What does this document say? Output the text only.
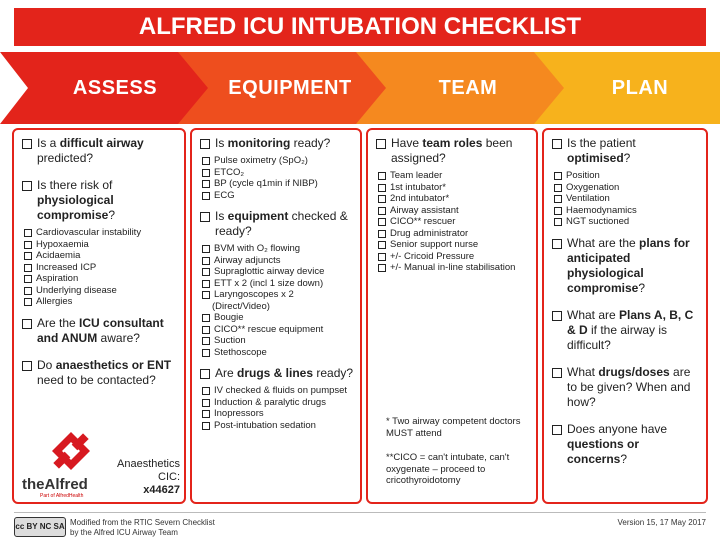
ALFRED ICU INTUBATION CHECKLIST
ASSESS	EQUIPMENT	TEAM	PLAN
Is a difficult airway predicted?
Is there risk of physiological compromise?
Cardiovascular instability
Hypoxaemia
Acidaemia
Increased ICP
Aspiration
Underlying disease
Allergies
Are the ICU consultant and ANUM aware?
Do anaesthetics or ENT need to be contacted?
theAlfred
Part of AlfredHealth
Anaesthetics CIC:
x44627
Is monitoring ready?
Pulse oximetry (SpO₂)
ETCO₂
BP (cycle q1min if NIBP)
ECG
Is equipment checked & ready?
BVM with O₂ flowing
Airway adjuncts
Supraglottic airway device
ETT x 2 (incl 1 size down)
Laryngoscopes x 2
(Direct/Video)
Bougie
CICO** rescue equipment
Suction
Stethoscope
Are drugs & lines ready?
IV checked & fluids on pumpset
Induction & paralytic drugs
Inopressors
Post-intubation sedation
Have team roles been assigned?
Team leader
1st intubator*
2nd intubator*
Airway assistant
CICO** rescuer
Drug administrator
Senior support nurse
+/- Cricoid Pressure
+/- Manual in-line stabilisation
* Two airway competent doctors MUST attend
**CICO = can't intubate, can't oxygenate – proceed to cricothyroidotomy
Is the patient optimised?
Position
Oxygenation
Ventilation
Haemodynamics
NGT suctioned
What are the plans for anticipated physiological compromise?
What are Plans A, B, C & D if the airway is difficult?
What drugs/doses are to be given? When and how?
Does anyone have questions or concerns?
cc BY NC SA Modified from the RTIC Severn Checklist
by the Alfred ICU Airway Team
Version 15, 17 May 2017
